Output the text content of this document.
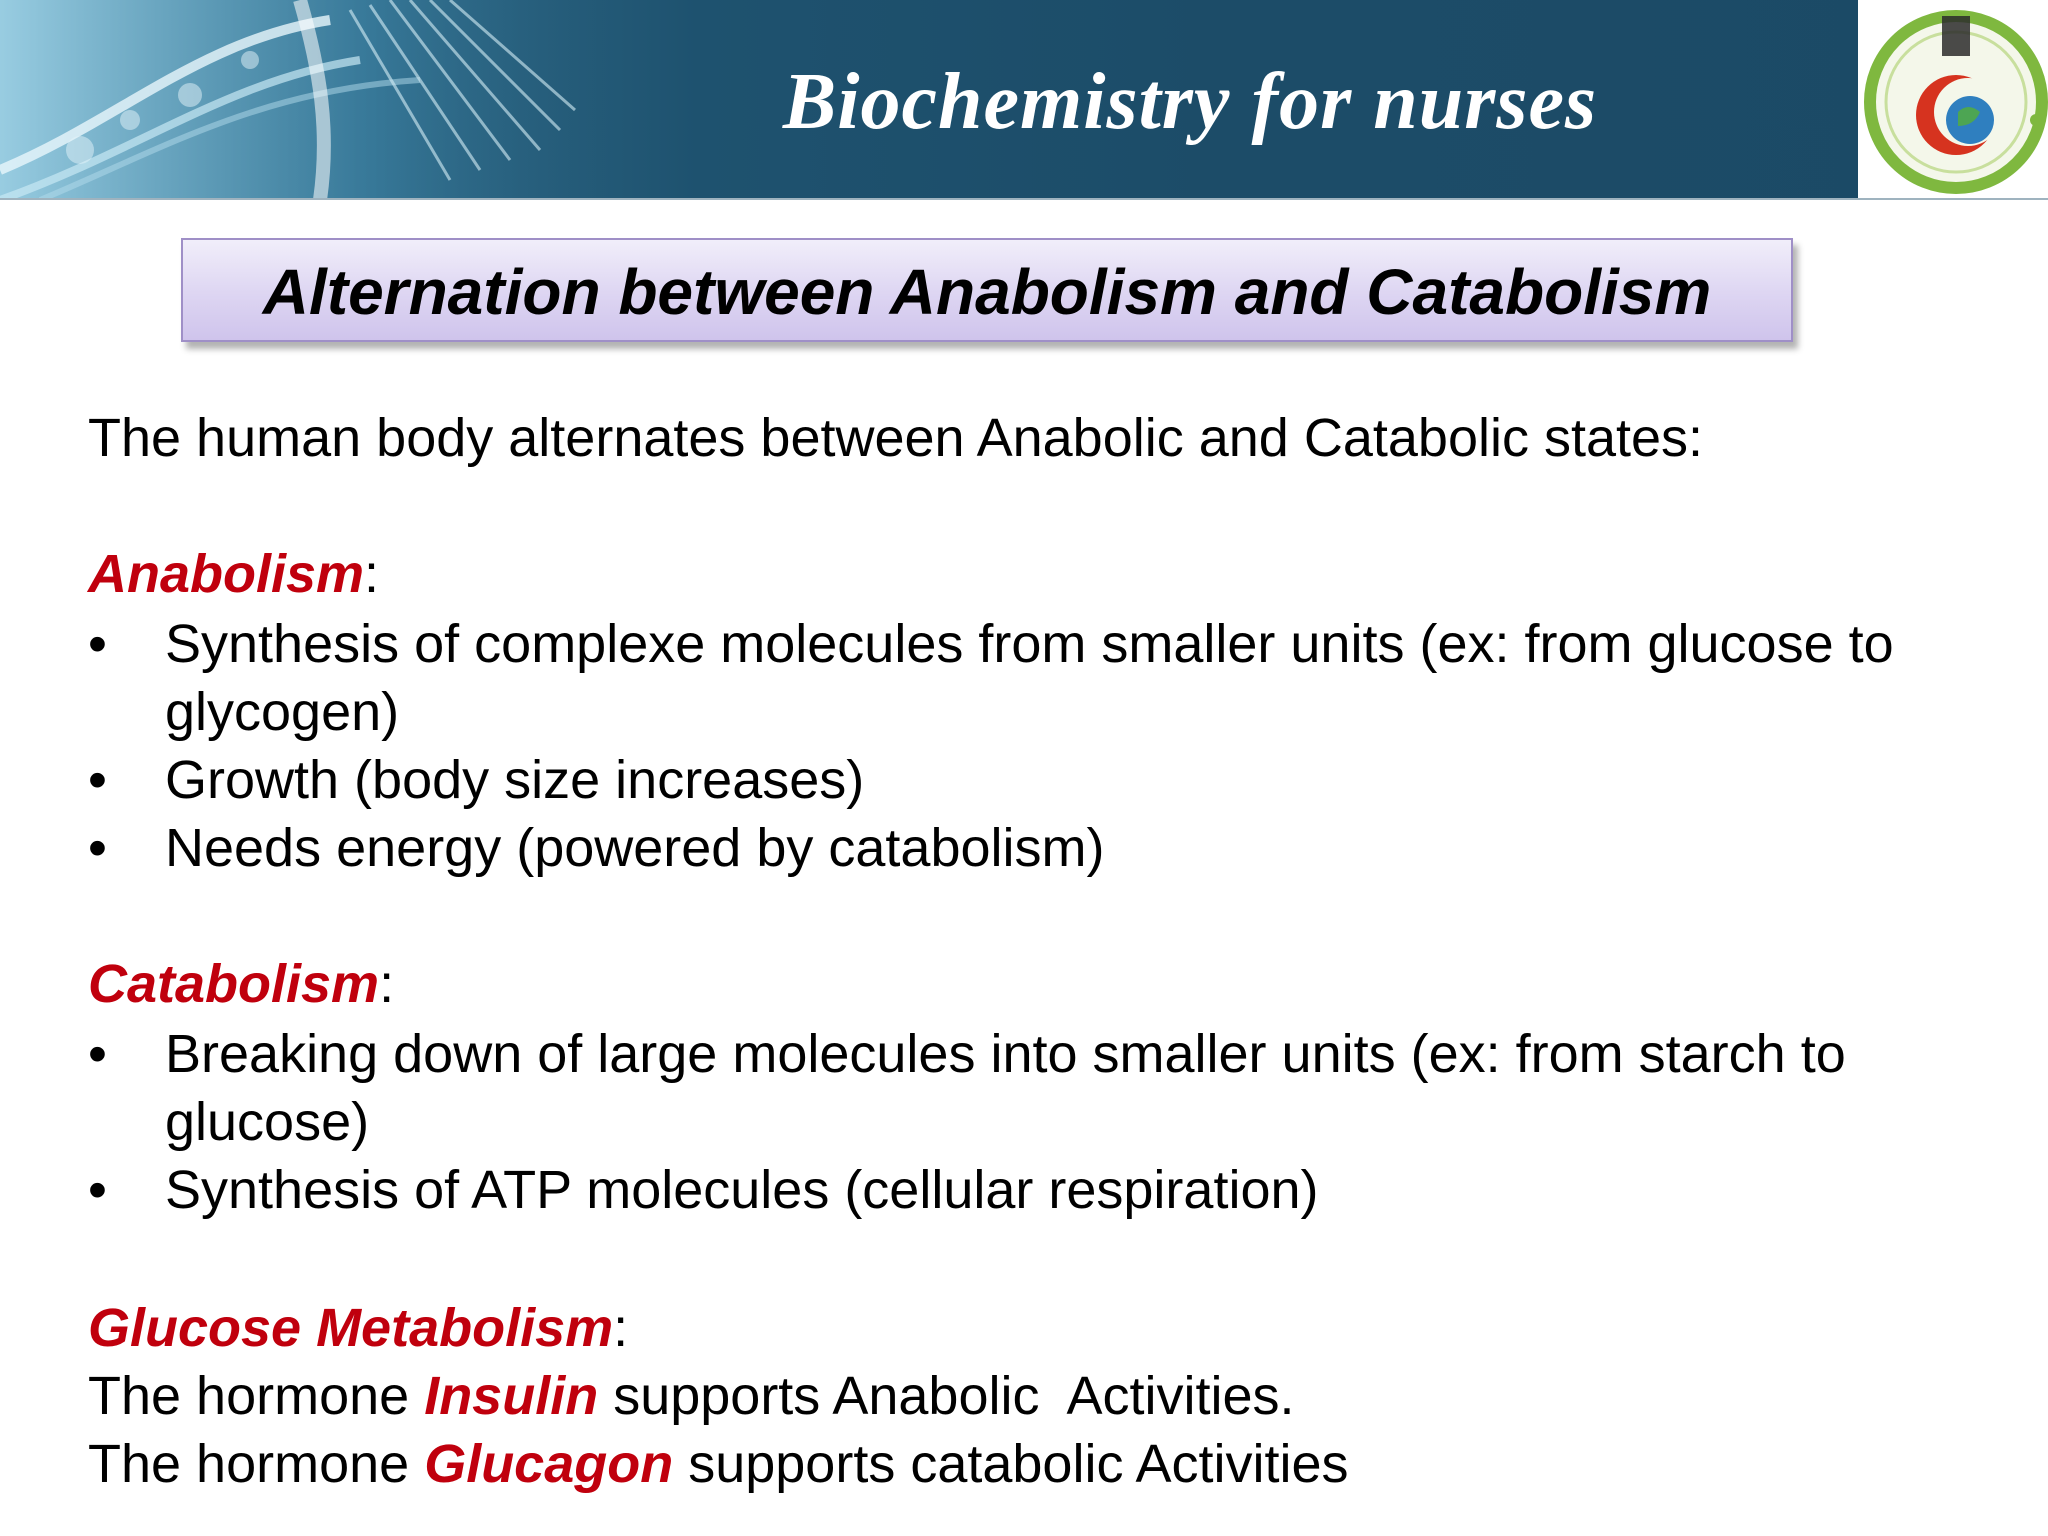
Biochemistry for nurses
Alternation between Anabolism and Catabolism
The human body alternates between Anabolic and Catabolic states:
Anabolism:
• Synthesis of complexe molecules from smaller units (ex: from glucose to glycogen)
• Growth (body size increases)
• Needs energy (powered by catabolism)
Catabolism:
• Breaking down of large molecules into smaller units (ex: from starch to glucose)
• Synthesis of ATP molecules (cellular respiration)
Glucose Metabolism:
The hormone Insulin supports Anabolic  Activities.
The hormone Glucagon supports catabolic Activities
